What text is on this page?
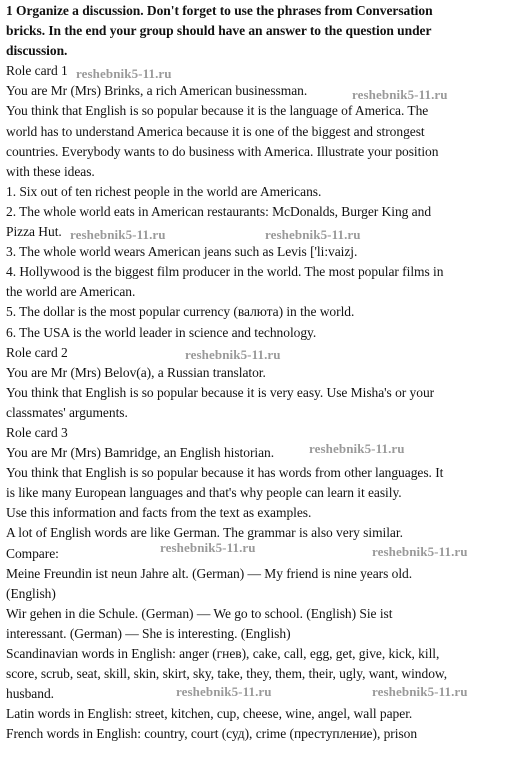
1 Organize a discussion. Don't forget to use the phrases from Conversation
bricks. In the end your group should have an answer to the question under
discussion.
Role card 1
You are Mr (Mrs) Brinks, a rich American businessman.
You think that English is so popular because it is the language of America. The
world has to understand America because it is one of the biggest and strongest
countries. Everybody wants to do business with America. Illustrate your position
with these ideas.
1. Six out of ten richest people in the world are Americans.
2. The whole world eats in American restaurants: McDonalds, Burger King and
Pizza Hut.
3. The whole world wears American jeans such as Levis ['li:vaizj.
4. Hollywood is the biggest film producer in the world. The most popular films in
the world are American.
5. The dollar is the most popular currency (валюта) in the world.
6. The USA is the world leader in science and technology.
Role card 2
You are Mr (Mrs) Belov(a), a Russian translator.
You think that English is so popular because it is very easy. Use Misha's or your
classmates' arguments.
Role card 3
You are Mr (Mrs) Bamridge, an English historian.
You think that English is so popular because it has words from other languages. It
is like many European languages and that's why people can learn it easily.
Use this information and facts from the text as examples.
A lot of English words are like German. The grammar is also very similar.
Compare:
Meine Freundin ist neun Jahre alt. (German) — My friend is nine years old.
(English)
Wir gehen in die Schule. (German) — We go to school. (English) Sie ist
interessant. (German) — She is interesting. (English)
Scandinavian words in English: anger (гнев), cake, call, egg, get, give, kick, kill,
score, scrub, seat, skill, skin, skirt, sky, take, they, them, their, ugly, want, window,
husband.
Latin words in English: street, kitchen, cup, cheese, wine, angel, wall paper.
French words in English: country, court (суд), crime (преступление), prison
reshebnik5-11.ru
reshebnik5-11.ru
reshebnik5-11.ru	reshebnik5-11.ru
reshebnik5-11.ru
reshebnik5-11.ru
reshebnik5-11.ru	reshebnik5-11.ru
reshebnik5-11.ru	reshebnik5-11.ru
